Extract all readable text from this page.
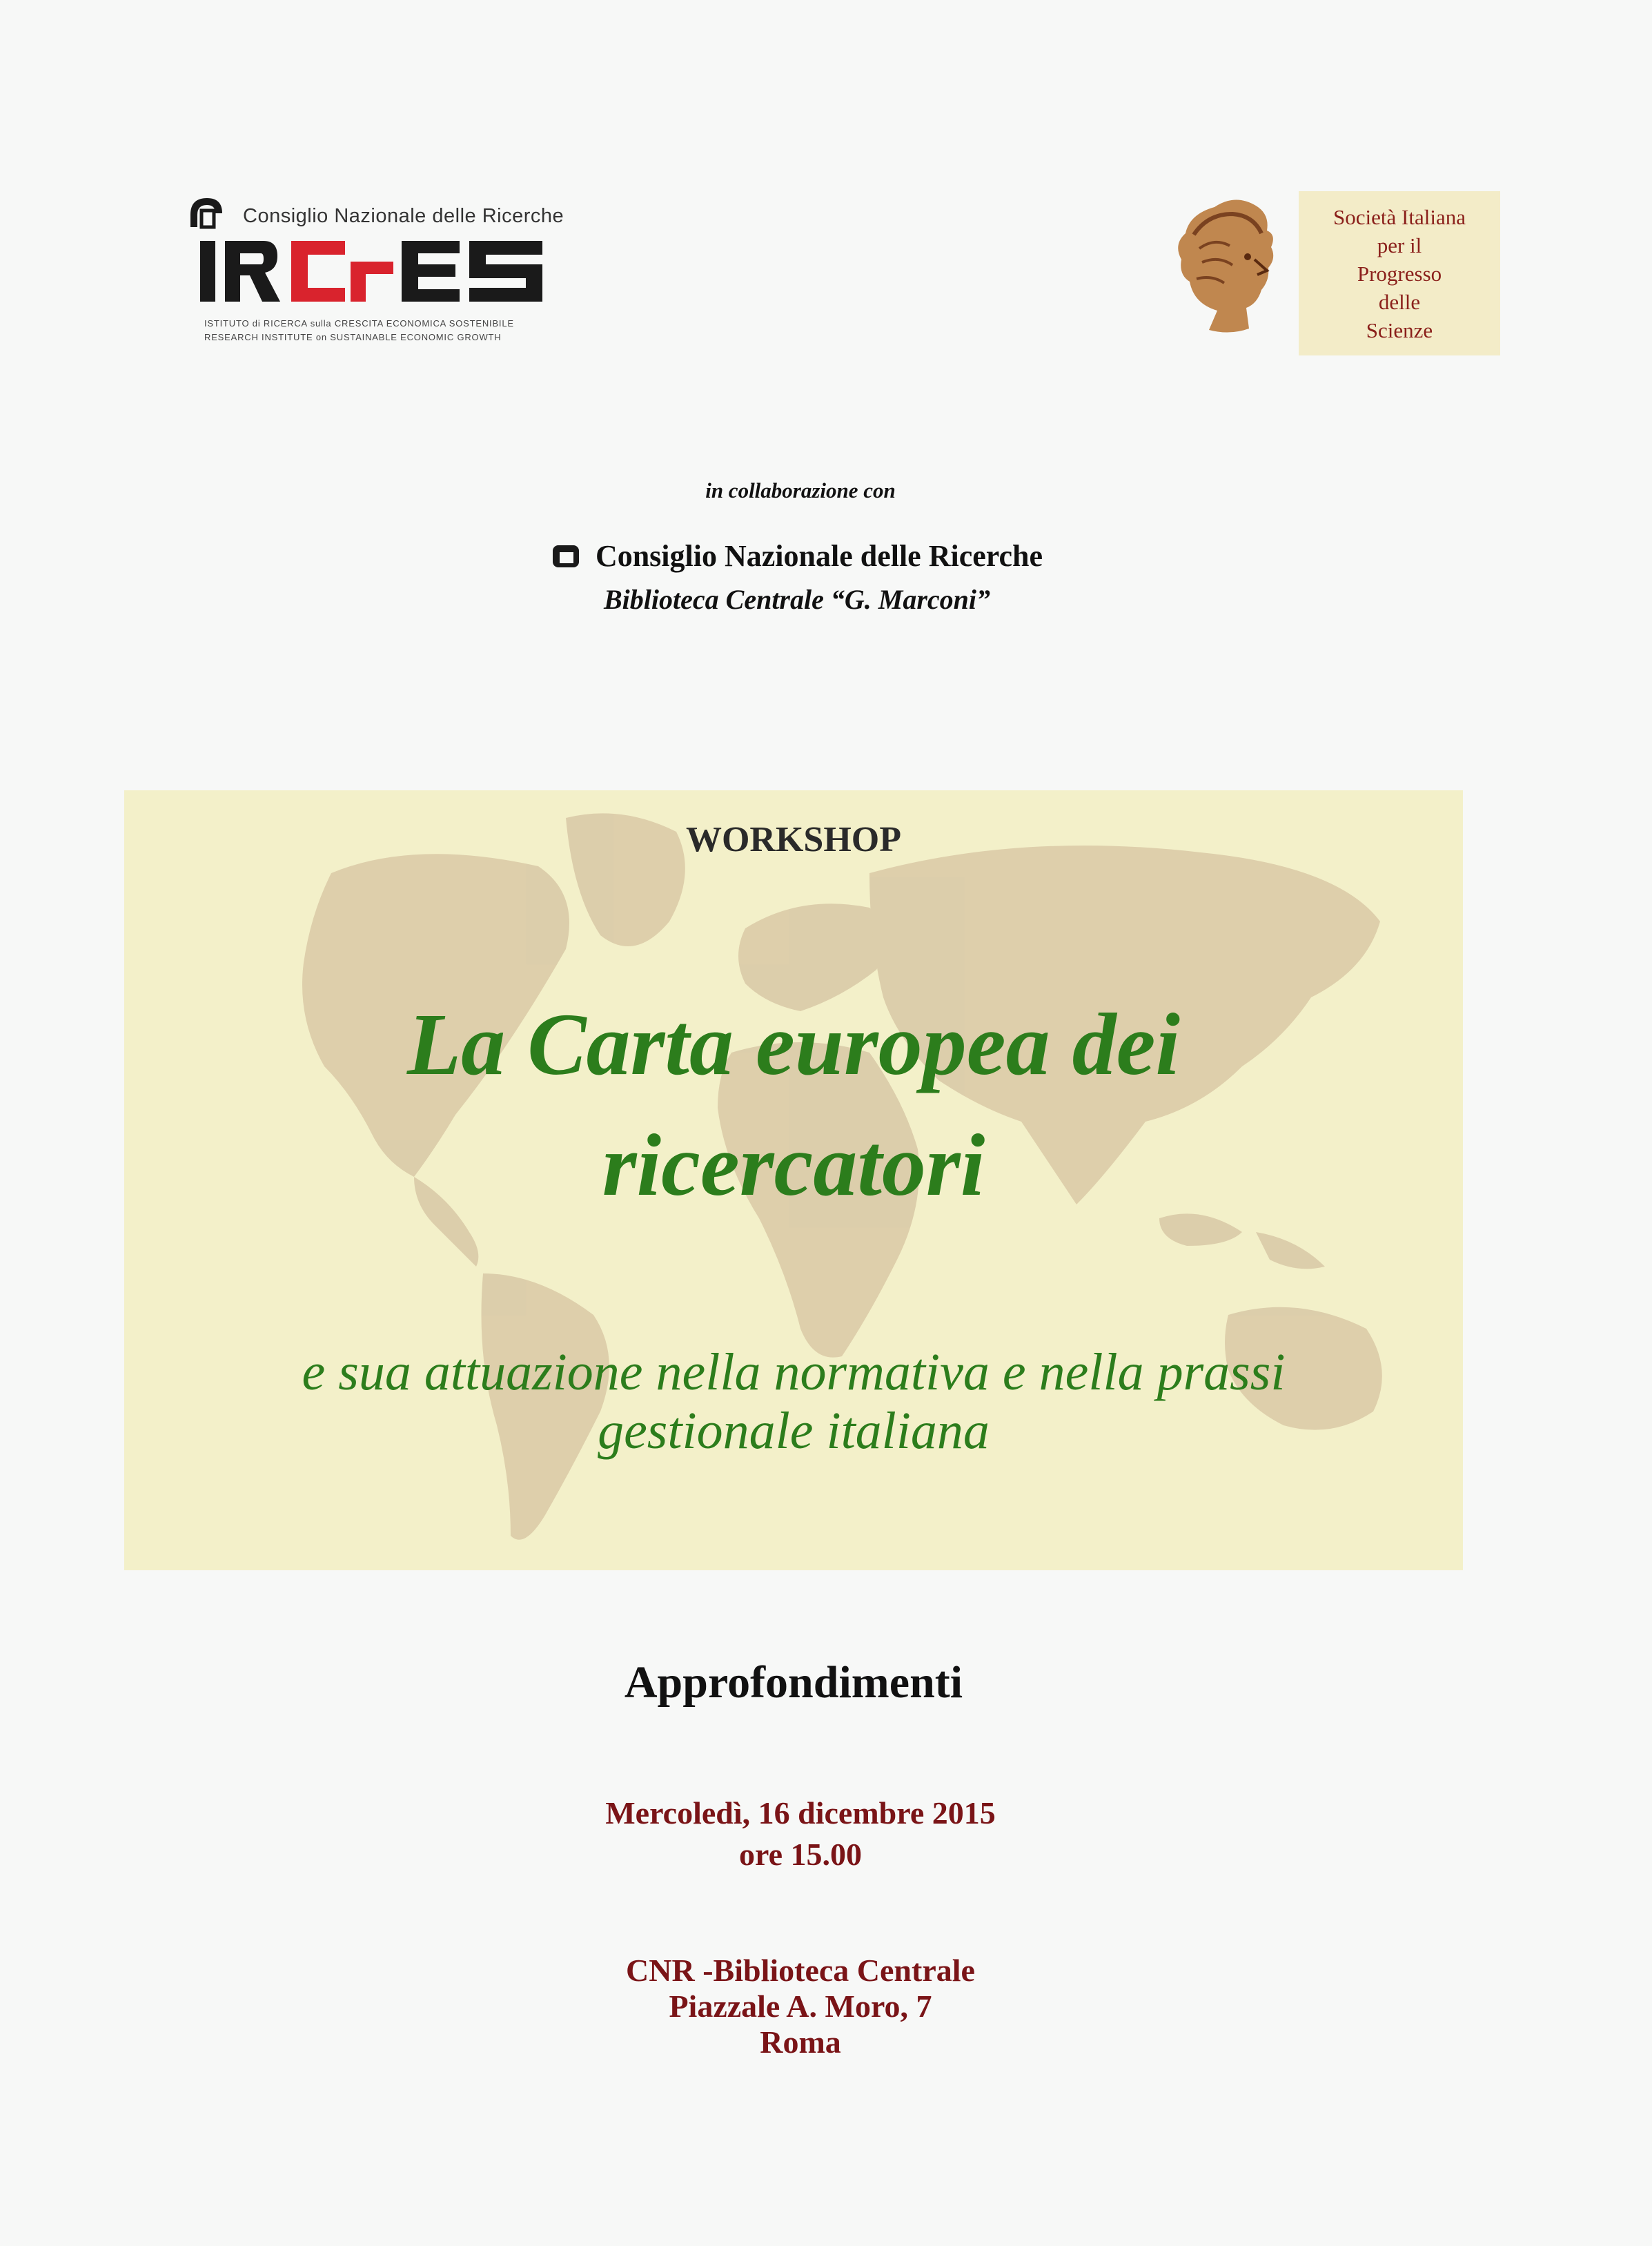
Consiglio Nazionale delle Ricerche
ISTITUTO di RICERCA sulla CRESCITA ECONOMICA SOSTENIBILE
RESEARCH INSTITUTE on SUSTAINABLE ECONOMIC GROWTH
Società Italiana
per il
Progresso
delle
Scienze
in collaborazione con
Consiglio Nazionale delle Ricerche
Biblioteca Centrale “G. Marconi”
WORKSHOP
La Carta europea dei
ricercatori
e sua attuazione nella normativa e nella prassi
gestionale italiana
Approfondimenti
Mercoledì, 16 dicembre 2015
ore 15.00
CNR -Biblioteca Centrale
Piazzale A. Moro, 7
Roma
